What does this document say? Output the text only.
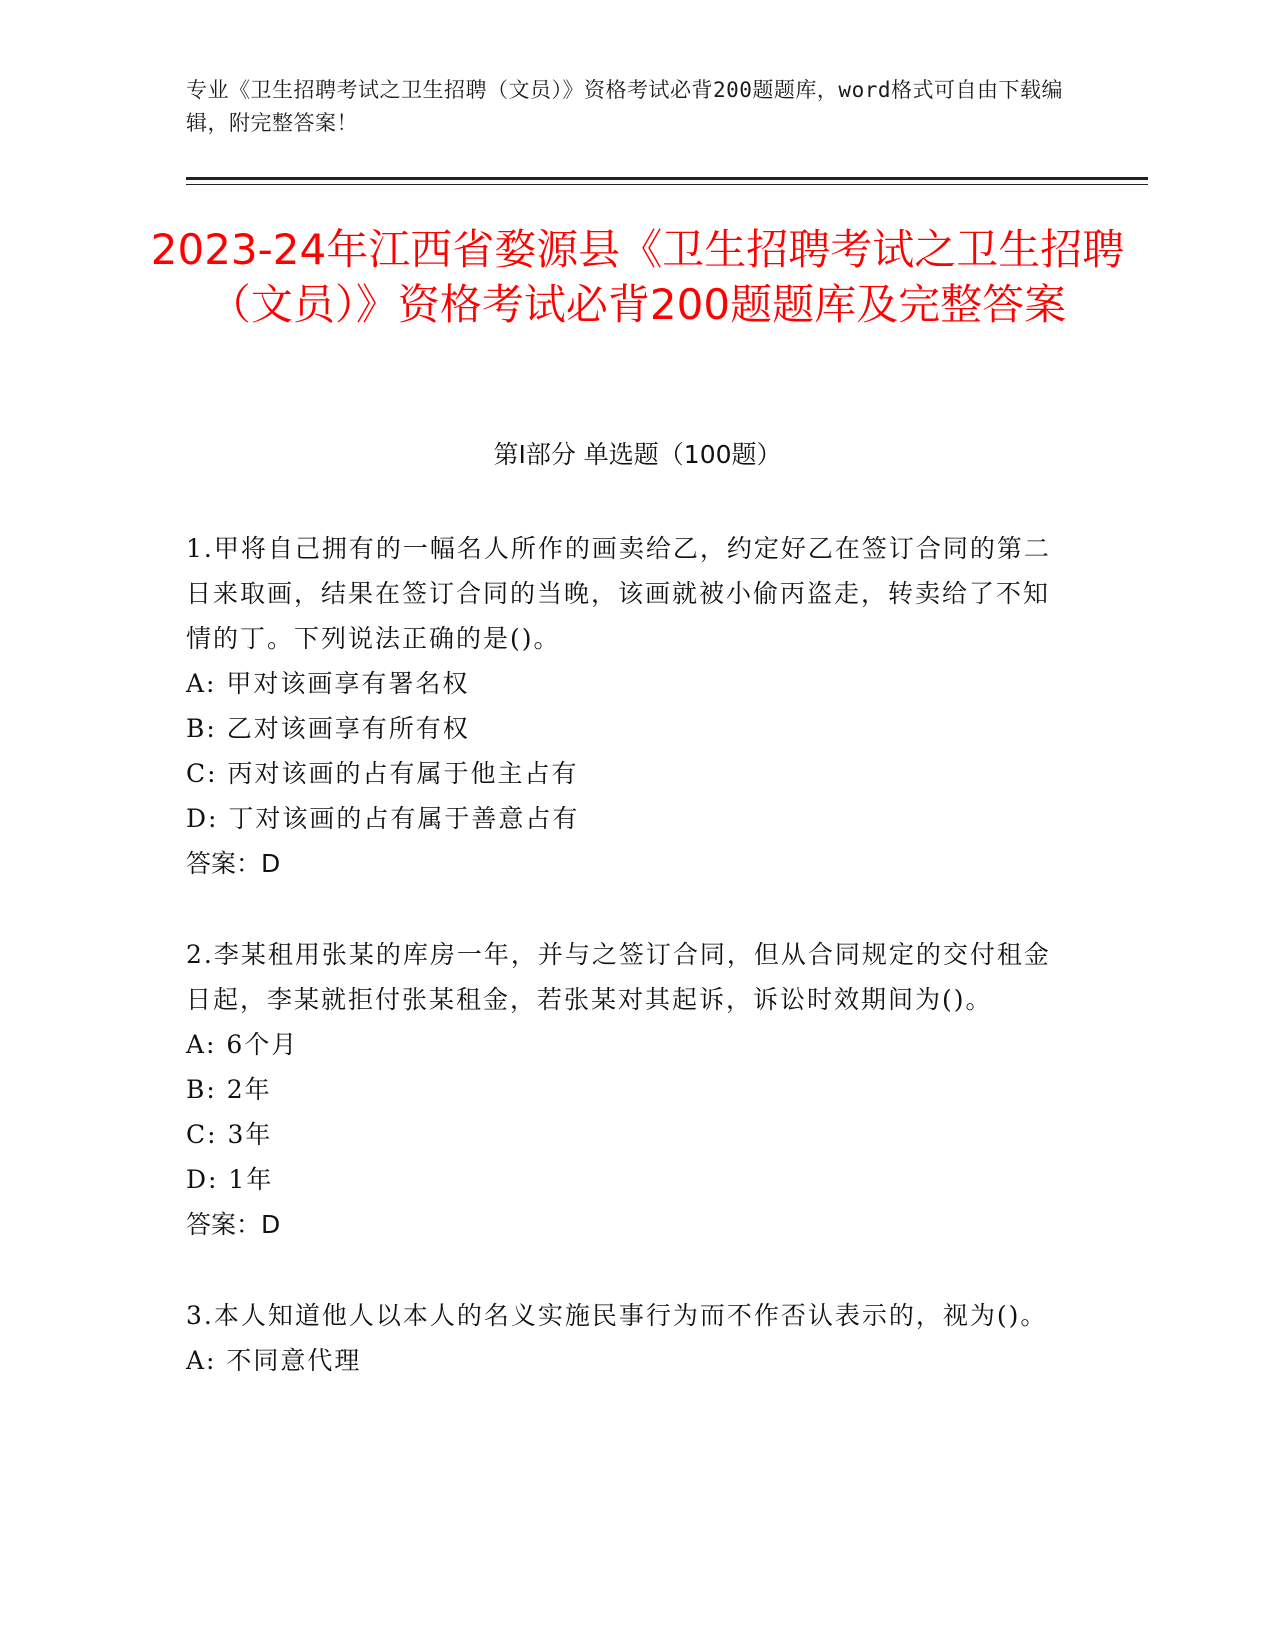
专业《卫生招聘考试之卫生招聘（文员）》资格考试必背200题题库，word格式可自由下载编辑，附完整答案！
2023-24年江西省婺源县《卫生招聘考试之卫生招聘（文员）》资格考试必背200题题库及完整答案
第Ⅰ部分 单选题（100题）

1.甲将自己拥有的一幅名人所作的画卖给乙，约定好乙在签订合同的第二日来取画，结果在签订合同的当晚，该画就被小偷丙盗走，转卖给了不知情的丁。下列说法正确的是()。

A: 甲对该画享有署名权

B: 乙对该画享有所有权

C: 丙对该画的占有属于他主占有

D: 丁对该画的占有属于善意占有

答案：D

2.李某租用张某的库房一年，并与之签订合同，但从合同规定的交付租金日起，李某就拒付张某租金，若张某对其起诉，诉讼时效期间为()。

A: 6个月

B: 2年

C: 3年

D: 1年

答案：D

3.本人知道他人以本人的名义实施民事行为而不作否认表示的，视为()。

A: 不同意代理
